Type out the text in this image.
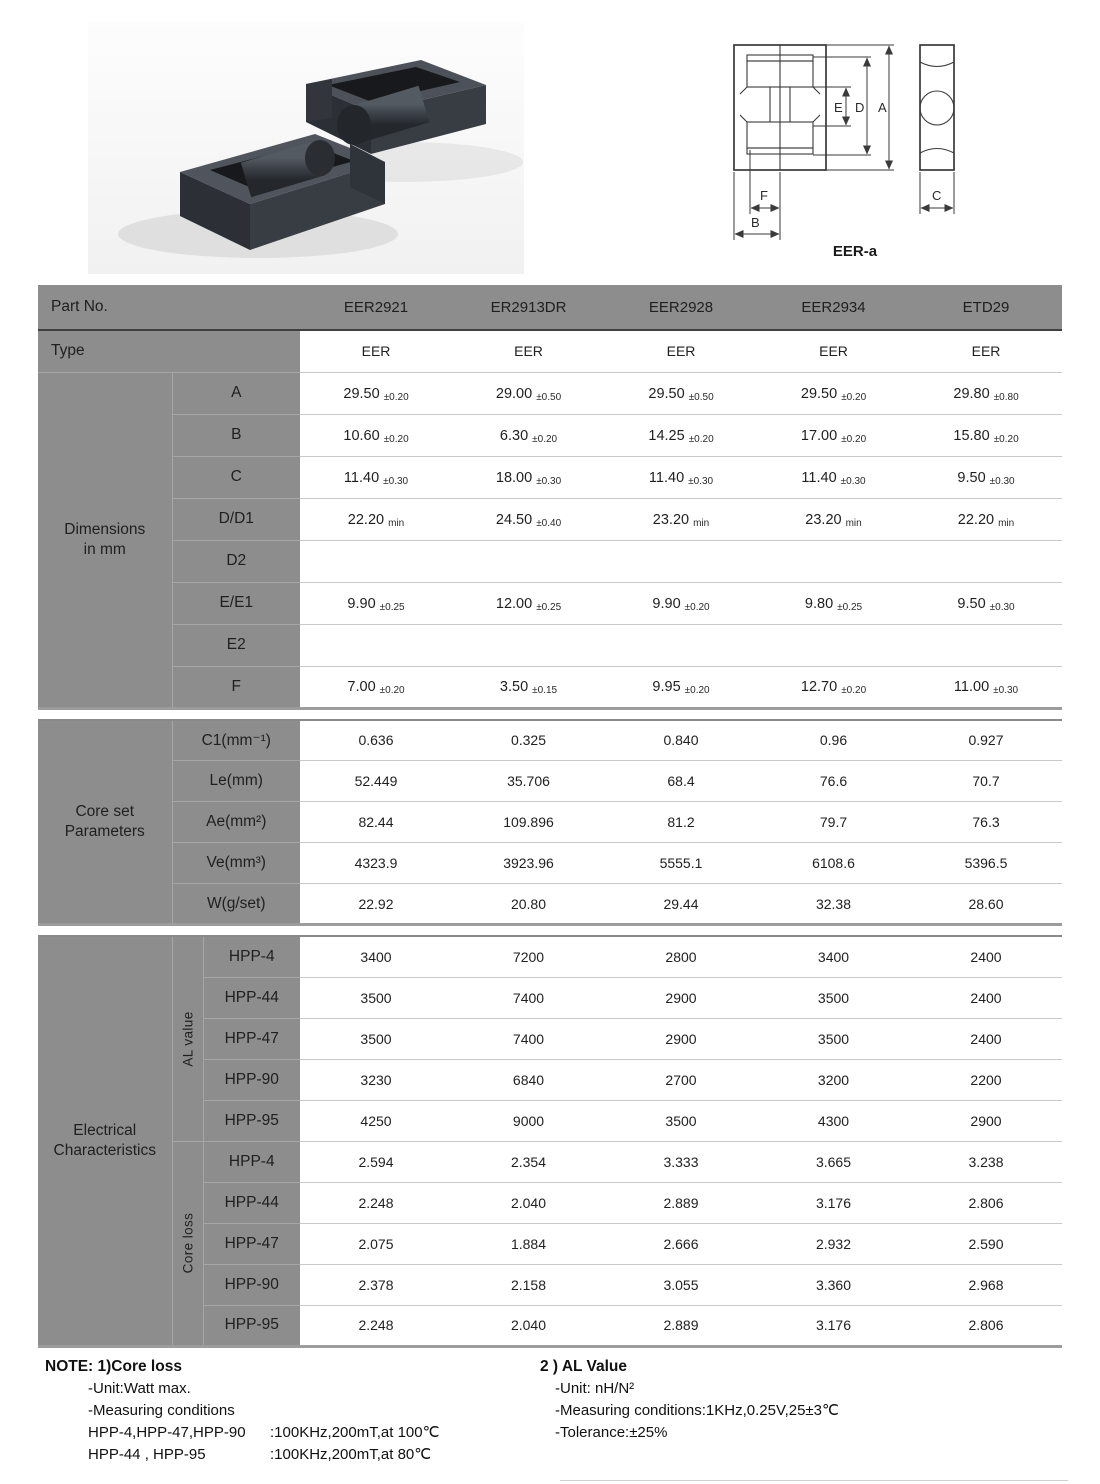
E D A
F
B
C
EER-a
Part No.		EER2921	ER2913DR	EER2928	EER2934	ETD29
Type		EER	EER	EER	EER	EER
Dimensions
in mm	A	29.50 ±0.20	29.00 ±0.50	29.50 ±0.50	29.50 ±0.20	29.80 ±0.80
	B	10.60 ±0.20	6.30 ±0.20	14.25 ±0.20	17.00 ±0.20	15.80 ±0.20
	C	11.40 ±0.30	18.00 ±0.30	11.40 ±0.30	11.40 ±0.30	9.50 ±0.30
	D/D1	22.20 min	24.50 ±0.40	23.20 min	23.20 min	22.20 min
	D2					
	E/E1	9.90 ±0.25	12.00 ±0.25	9.90 ±0.20	9.80 ±0.25	9.50 ±0.30
	E2					
	F	7.00 ±0.20	3.50 ±0.15	9.95 ±0.20	12.70 ±0.20	11.00 ±0.30
Core set
Parameters	C1(mm⁻¹)	0.636	0.325	0.840	0.96	0.927
	Le(mm)	52.449	35.706	68.4	76.6	70.7
	Ae(mm²)	82.44	109.896	81.2	79.7	76.3
	Ve(mm³)	4323.9	3923.96	5555.1	6108.6	5396.5
	W(g/set)	22.92	20.80	29.44	32.38	28.60
Electrical
Characteristics	AL value	HPP-4	3400	7200	2800	3400	2400
		HPP-44	3500	7400	2900	3500	2400
		HPP-47	3500	7400	2900	3500	2400
		HPP-90	3230	6840	2700	3200	2200
		HPP-95	4250	9000	3500	4300	2900

	Core loss	HPP-4	2.594	2.354	3.333	3.665	3.238
		HPP-44	2.248	2.040	2.889	3.176	2.806
		HPP-47	2.075	1.884	2.666	2.932	2.590
		HPP-90	2.378	2.158	3.055	3.360	2.968
		HPP-95	2.248	2.040	2.889	3.176	2.806
NOTE: 1)Core loss
-Unit:Watt max.
-Measuring conditions
HPP-4,HPP-47,HPP-90	:100KHz,200mT,at 100℃
HPP-44 , HPP-95	:100KHz,200mT,at 80℃
2 ) AL Value
-Unit: nH/N²
-Measuring conditions:1KHz,0.25V,25±3℃
-Tolerance:±25%
